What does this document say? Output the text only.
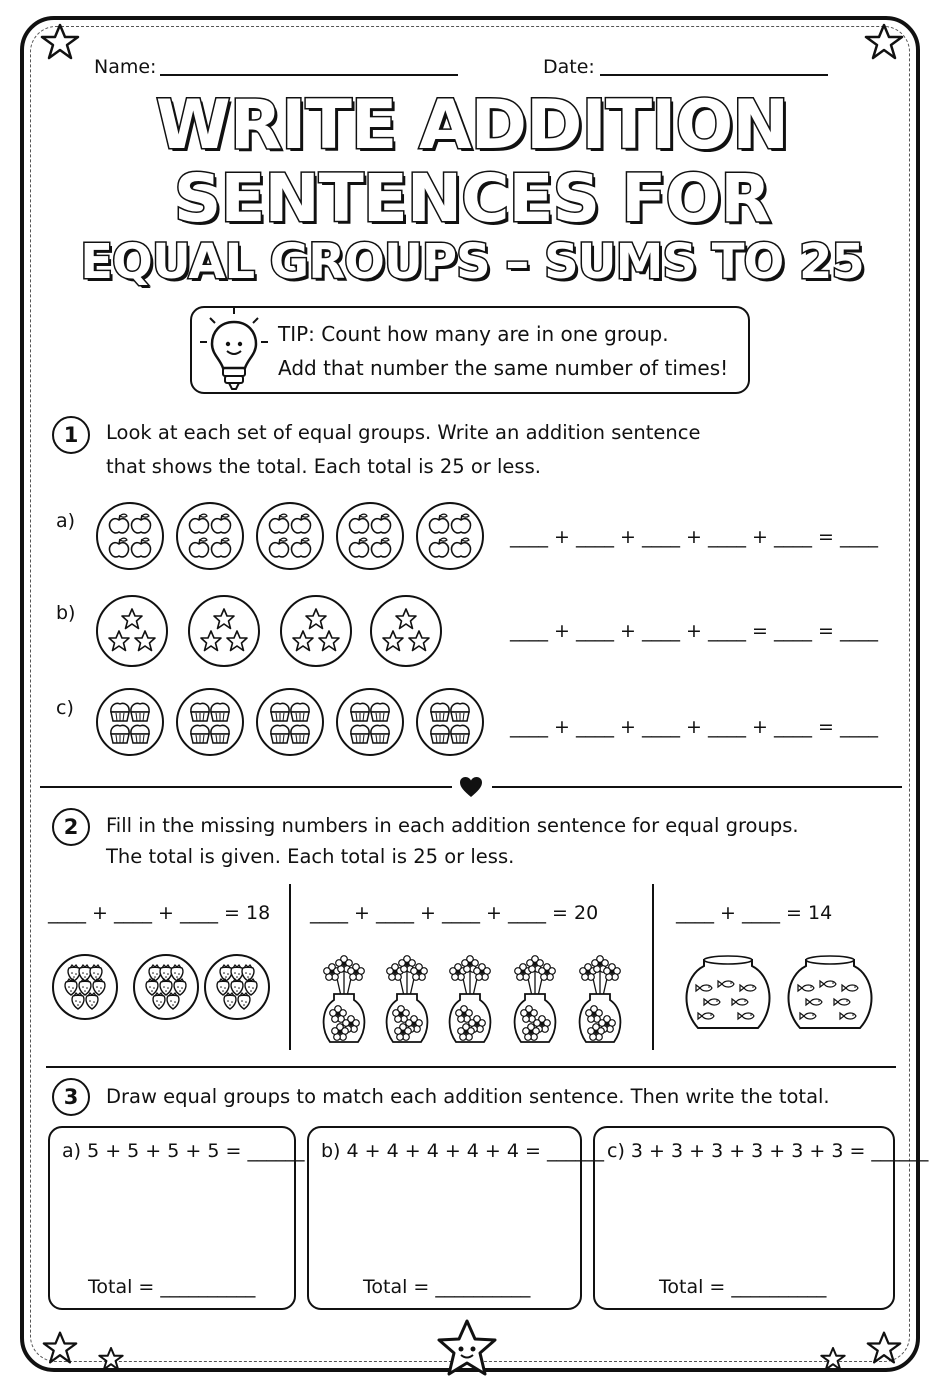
Name:	Date:
WRITE ADDITION
SENTENCES FOR
EQUAL GROUPS – SUMS TO 25
TIP: Count how many are in one group.
Add that number the same number of times!
1	Look at each set of equal groups. Write an addition sentence
that shows the total. Each total is 25 or less.
a)
____ + ____ + ____ + ____ + ____ = ____
b)
____ + ____ + ____ + ____ = ____ = ____
c)
____ + ____ + ____ + ____ + ____ = ____
2	Fill in the missing numbers in each addition sentence for equal groups.
The total is given. Each total is 25 or less.
____ + ____ + ____ = 18 ____ + ____ + ____ + ____ = 20	____ + ____ = 14
3	Draw equal groups to match each addition sentence. Then write the total.
a) 5 + 5 + 5 + 5 = ______
Total = __________
b) 4 + 4 + 4 + 4 + 4 = ______
Total = __________
c) 3 + 3 + 3 + 3 + 3 + 3 = ______
Total = __________
